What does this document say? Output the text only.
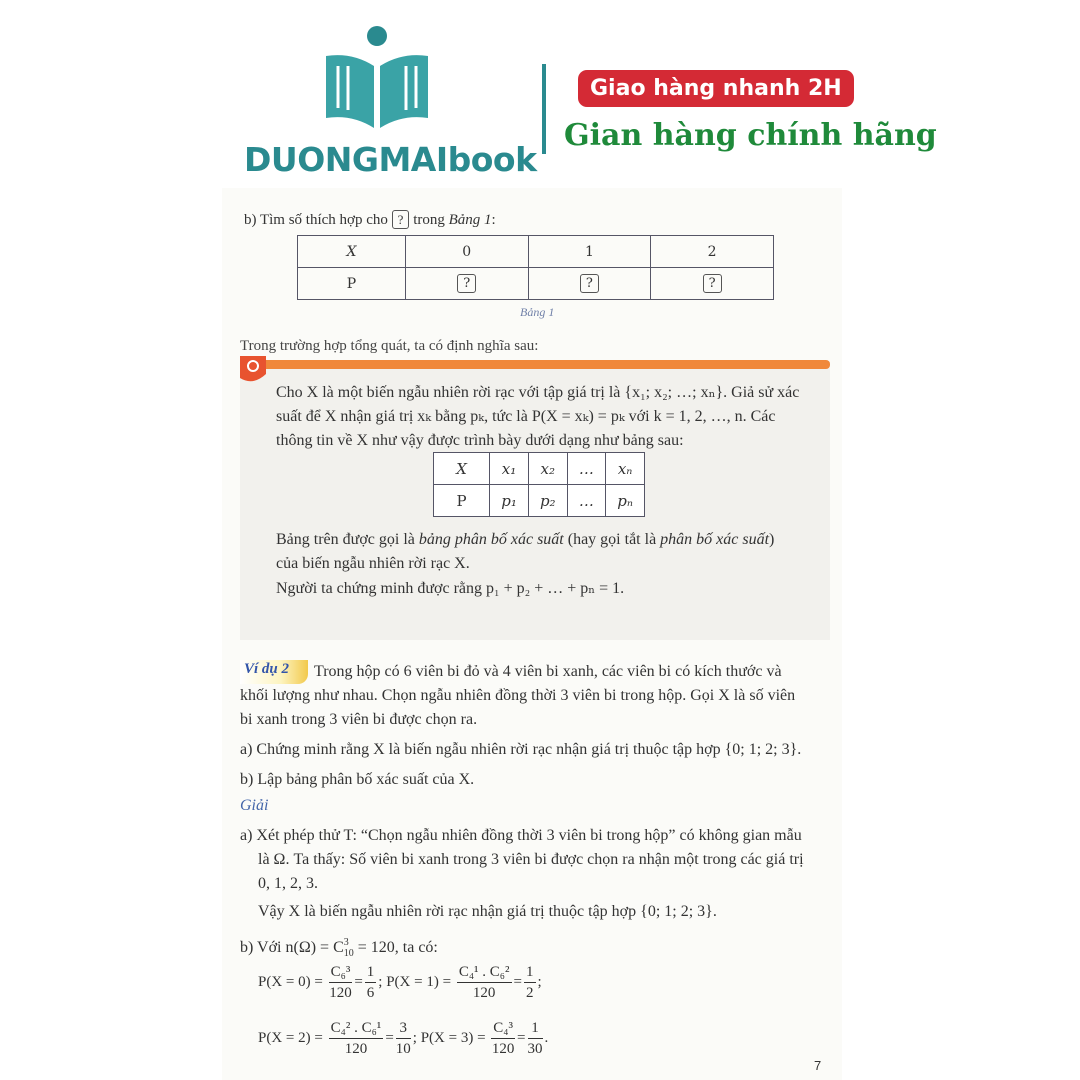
DUONGMAIbook
Giao hàng nhanh 2H
Gian hàng chính hãng
b) Tìm số thích hợp cho ? trong Bảng 1:
X	0	1	2
P	?	?	?
Bảng 1
Trong trường hợp tổng quát, ta có định nghĩa sau:
Cho X là một biến ngẫu nhiên rời rạc với tập giá trị là {x₁; x₂; …; xₙ}. Giả sử xác
suất để X nhận giá trị xₖ bằng pₖ, tức là P(X = xₖ) = pₖ với k = 1, 2, …, n. Các
thông tin về X như vậy được trình bày dưới dạng như bảng sau:
X	x₁	x₂	…	xₙ
P	p₁	p₂	…	pₙ
Bảng trên được gọi là bảng phân bố xác suất (hay gọi tắt là phân bố xác suất)
của biến ngẫu nhiên rời rạc X.
Người ta chứng minh được rằng p₁ + p₂ + … + pₙ = 1.
Ví dụ 2 Trong hộp có 6 viên bi đỏ và 4 viên bi xanh, các viên bi có kích thước và
khối lượng như nhau. Chọn ngẫu nhiên đồng thời 3 viên bi trong hộp. Gọi X là số viên
bi xanh trong 3 viên bi được chọn ra.
a) Chứng minh rằng X là biến ngẫu nhiên rời rạc nhận giá trị thuộc tập hợp {0; 1; 2; 3}.
b) Lập bảng phân bố xác suất của X.
Giải
a) Xét phép thử T: “Chọn ngẫu nhiên đồng thời 3 viên bi trong hộp” có không gian mẫu
là Ω. Ta thấy: Số viên bi xanh trong 3 viên bi được chọn ra nhận một trong các giá trị
0, 1, 2, 3.
Vậy X là biến ngẫu nhiên rời rạc nhận giá trị thuộc tập hợp {0; 1; 2; 3}.
b) Với n(Ω) = C 3
10 = 120, ta có:
$P(X = 0) = \frac{\text{C₆³}}{120} = \frac{1}{6}$ ; $P(X = 1) = \frac{\text{C₄¹ . C₆²}}{120} = \frac{1}{2}$ ;
$P(X = 2) = \frac{\text{C₄² . C₆¹}}{120} = \frac{3}{10}$ ; $P(X = 3) = \frac{\text{C₄³}}{120} = \frac{1}{30}$ .
7
